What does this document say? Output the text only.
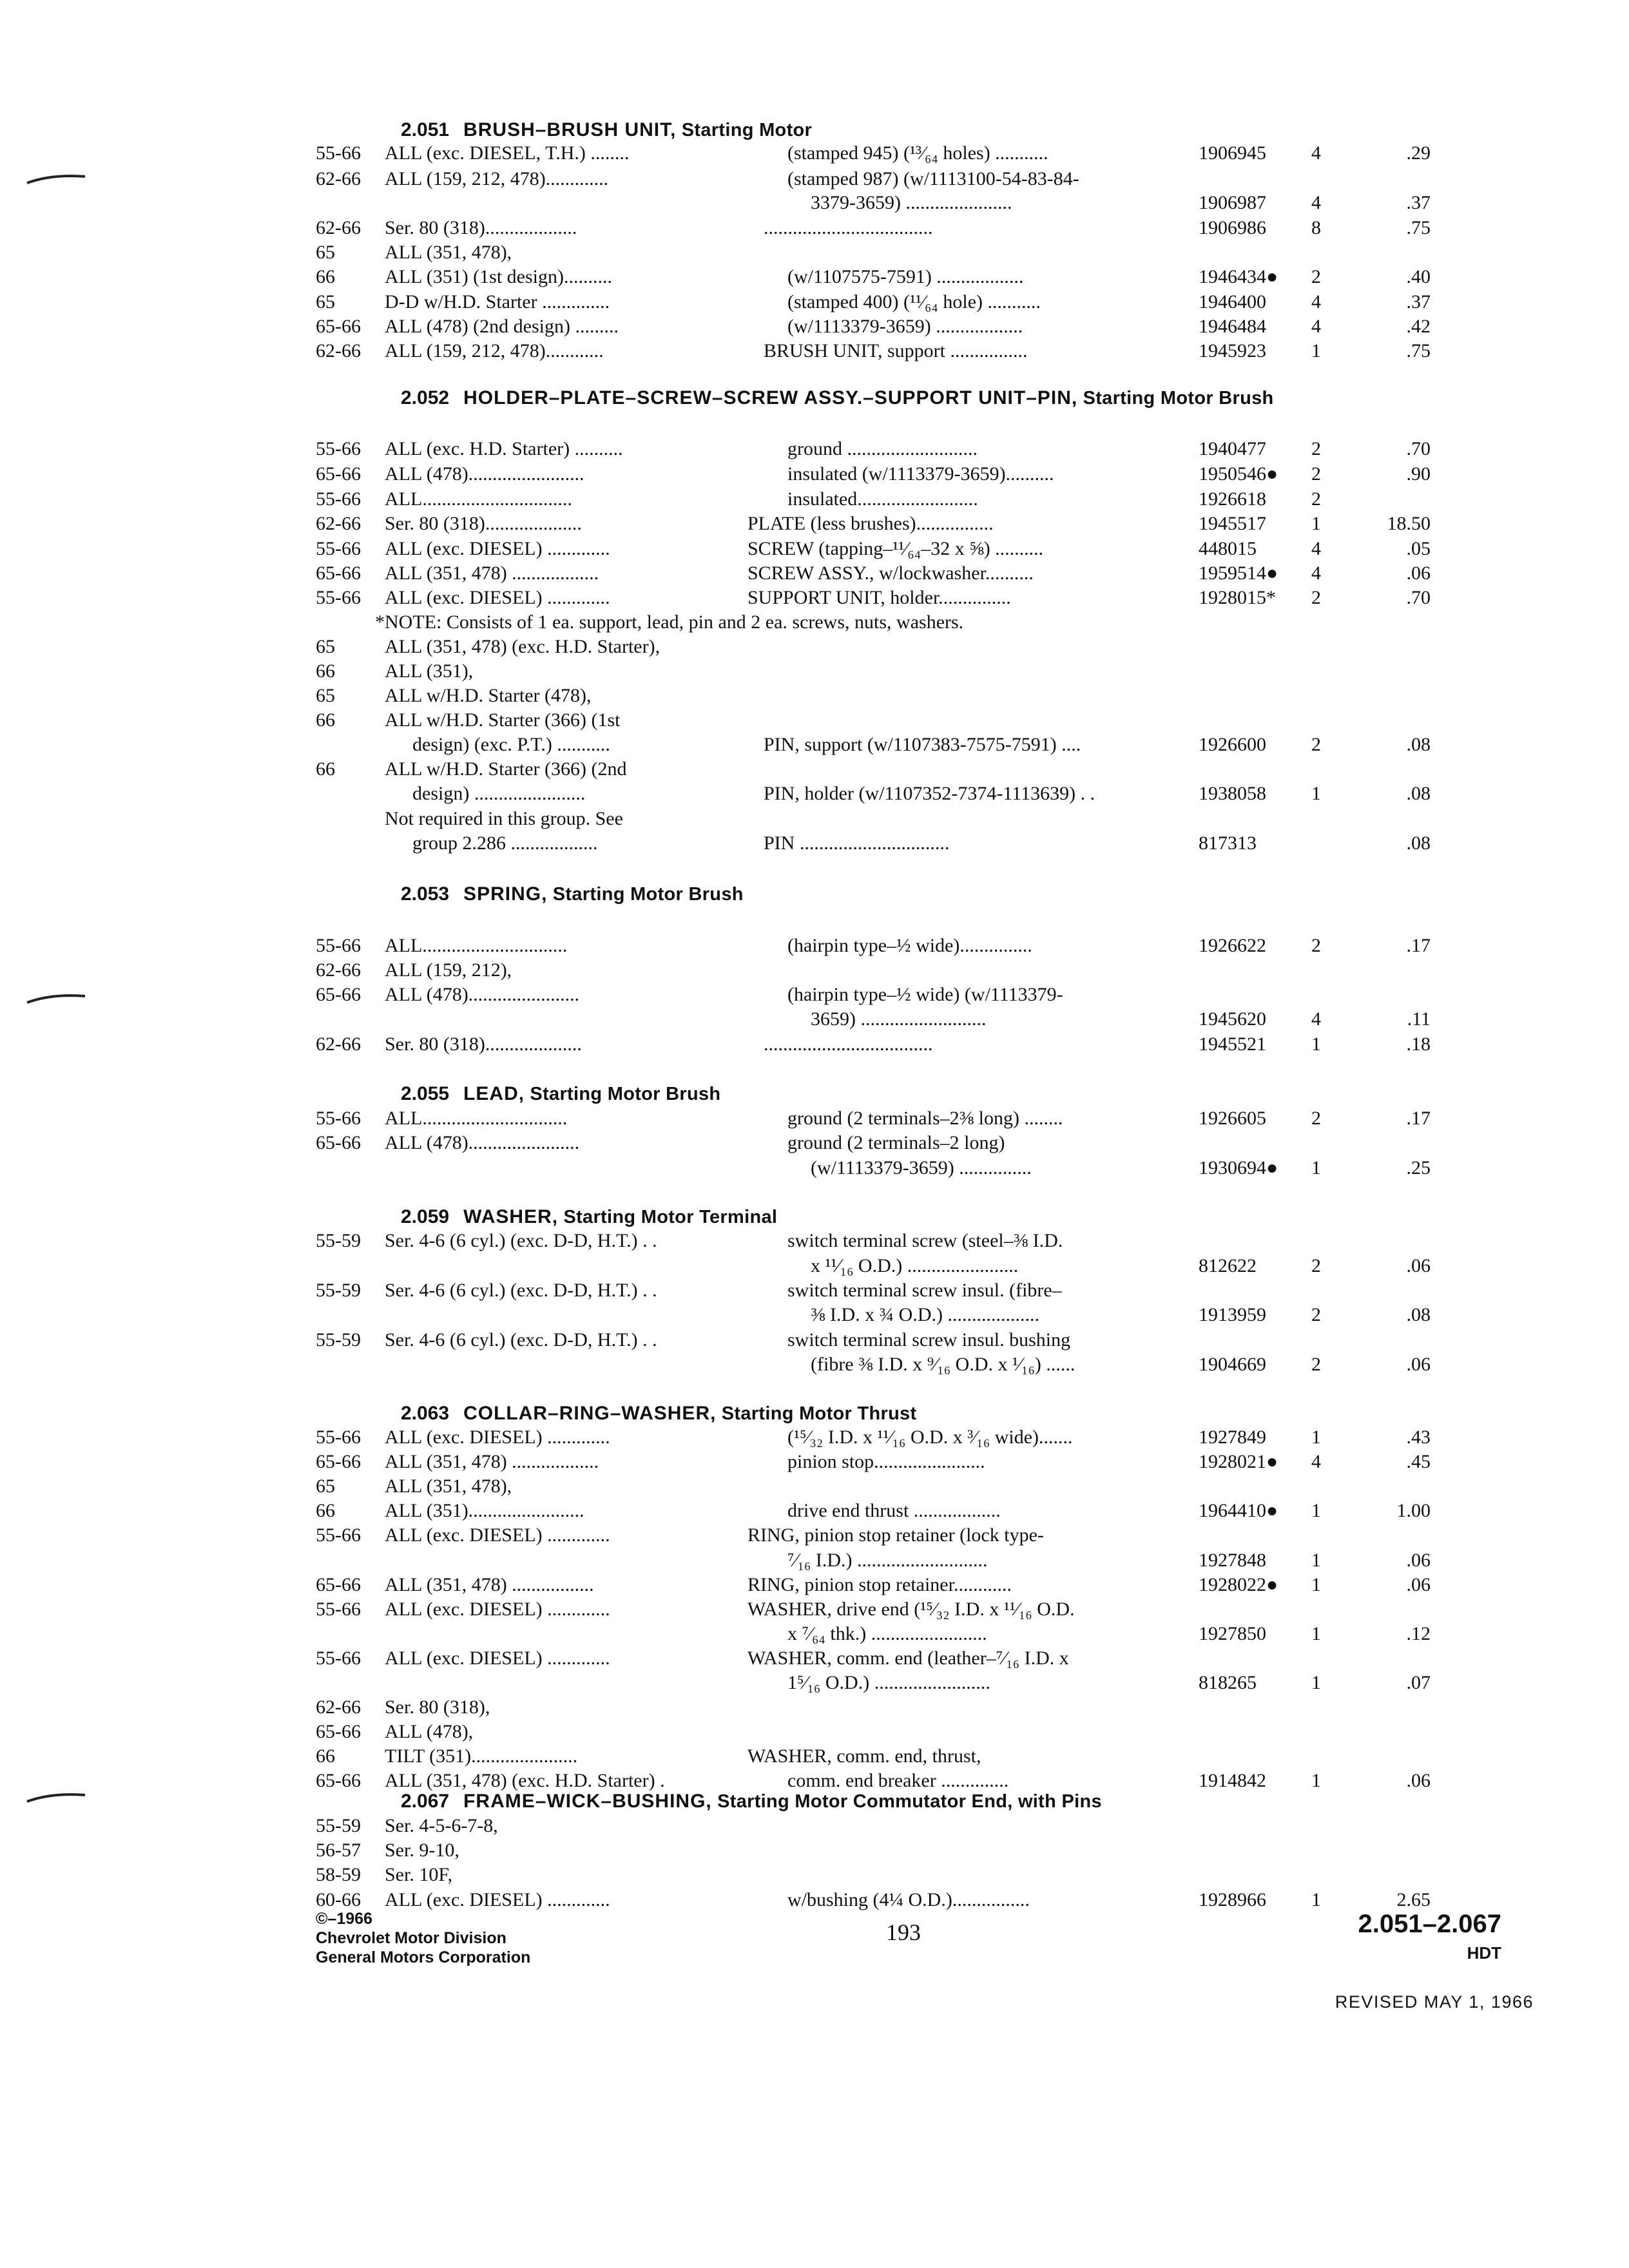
2.051 BRUSH–BRUSH UNIT, Starting Motor
55-66 ALL (exc. DIESEL, T.H.) ........	(stamped 945) (¹³⁄₆₄ holes) ...........	1906945 4	.29
62-66 ALL (159, 212, 478).............	(stamped 987) (w/1113100-54-83-84-
3379-3659) ......................	1906987 4	.37
62-66 Ser. 80 (318)...................	...................................	1906986 8	.75
65	ALL (351, 478),
66	ALL (351) (1st design)..........	(w/1107575-7591) ..................	1946434● 2	.40
65	D-D w/H.D. Starter ..............	(stamped 400) (¹¹⁄₆₄ hole) ...........	1946400 4	.37
65-66 ALL (478) (2nd design) .........	(w/1113379-3659) ..................	1946484 4	.42
62-66 ALL (159, 212, 478)............	BRUSH UNIT, support ................	1945923 1	.75
2.052 HOLDER–PLATE–SCREW–SCREW ASSY.–SUPPORT UNIT–PIN, Starting Motor Brush
55-66 ALL (exc. H.D. Starter) ..........	ground ...........................	1940477 2	.70
65-66 ALL (478)........................	insulated (w/1113379-3659)..........	1950546● 2	.90
55-66 ALL...............................	insulated.........................	1926618 2
62-66 Ser. 80 (318)....................	PLATE (less brushes)................	1945517 1	18.50
55-66 ALL (exc. DIESEL) .............	SCREW (tapping–¹¹⁄₆₄–32 x ⅝) ..........	448015	4	.05
65-66 ALL (351, 478) ..................	SCREW ASSY., w/lockwasher..........	1959514● 4	.06
55-66 ALL (exc. DIESEL) .............	SUPPORT UNIT, holder...............	1928015* 2	.70
*NOTE: Consists of 1 ea. support, lead, pin and 2 ea. screws, nuts, washers.
65	ALL (351, 478) (exc. H.D. Starter),
66	ALL (351),
65	ALL w/H.D. Starter (478),
66	ALL w/H.D. Starter (366) (1st
design) (exc. P.T.) ...........	PIN, support (w/1107383-7575-7591) ....	1926600 2	.08
66	ALL w/H.D. Starter (366) (2nd
design) .......................	PIN, holder (w/1107352-7374-1113639) . .	1938058 1	.08
Not required in this group. See
group 2.286 ..................	PIN ...............................	817313	.08
2.053 SPRING, Starting Motor Brush
55-66 ALL..............................	(hairpin type–½ wide)...............	1926622 2	.17
62-66 ALL (159, 212),
65-66 ALL (478).......................	(hairpin type–½ wide) (w/1113379-
3659) ..........................	1945620 4	.11
62-66 Ser. 80 (318)....................	...................................	1945521 1	.18
2.055 LEAD, Starting Motor Brush
55-66 ALL..............................	ground (2 terminals–2⅜ long) ........	1926605 2	.17
65-66 ALL (478).......................	ground (2 terminals–2 long)
(w/1113379-3659) ...............	1930694● 1	.25
2.059 WASHER, Starting Motor Terminal
55-59 Ser. 4-6 (6 cyl.) (exc. D-D, H.T.) . .	switch terminal screw (steel–⅜ I.D.
x ¹¹⁄₁₆ O.D.) .......................	812622	2	.06
55-59 Ser. 4-6 (6 cyl.) (exc. D-D, H.T.) . .	switch terminal screw insul. (fibre–
⅜ I.D. x ¾ O.D.) ...................	1913959 2	.08
55-59 Ser. 4-6 (6 cyl.) (exc. D-D, H.T.) . .	switch terminal screw insul. bushing
(fibre ⅜ I.D. x ⁹⁄₁₆ O.D. x ¹⁄₁₆) ......	1904669 2	.06
2.063 COLLAR–RING–WASHER, Starting Motor Thrust
55-66 ALL (exc. DIESEL) .............	(¹⁵⁄₃₂ I.D. x ¹¹⁄₁₆ O.D. x ³⁄₁₆ wide).......	1927849 1	.43
65-66 ALL (351, 478) ..................	pinion stop.......................	1928021● 4	.45
65	ALL (351, 478),
66	ALL (351)........................	drive end thrust ..................	1964410● 1	1.00
55-66 ALL (exc. DIESEL) .............	RING, pinion stop retainer (lock type-
⁷⁄₁₆ I.D.) ...........................	1927848 1	.06
65-66 ALL (351, 478) .................	RING, pinion stop retainer............	1928022● 1	.06
55-66 ALL (exc. DIESEL) .............	WASHER, drive end (¹⁵⁄₃₂ I.D. x ¹¹⁄₁₆ O.D.
x ⁷⁄₆₄ thk.) ........................	1927850 1	.12
55-66 ALL (exc. DIESEL) .............	WASHER, comm. end (leather–⁷⁄₁₆ I.D. x
1⁵⁄₁₆ O.D.) ........................	818265	1	.07
62-66 Ser. 80 (318),
65-66 ALL (478),
66	TILT (351)......................	WASHER, comm. end, thrust,
65-66 ALL (351, 478) (exc. H.D. Starter) .	comm. end breaker ..............	1914842 1	.06
2.067 FRAME–WICK–BUSHING, Starting Motor Commutator End, with Pins
55-59 Ser. 4-5-6-7-8,
56-57 Ser. 9-10,
58-59 Ser. 10F,
60-66 ALL (exc. DIESEL) .............	w/bushing (4¼ O.D.)................	1928966 1	2.65
©–1966
Chevrolet Motor Division
General Motors Corporation
193	2.051–2.067
HDT
REVISED MAY 1, 1966
